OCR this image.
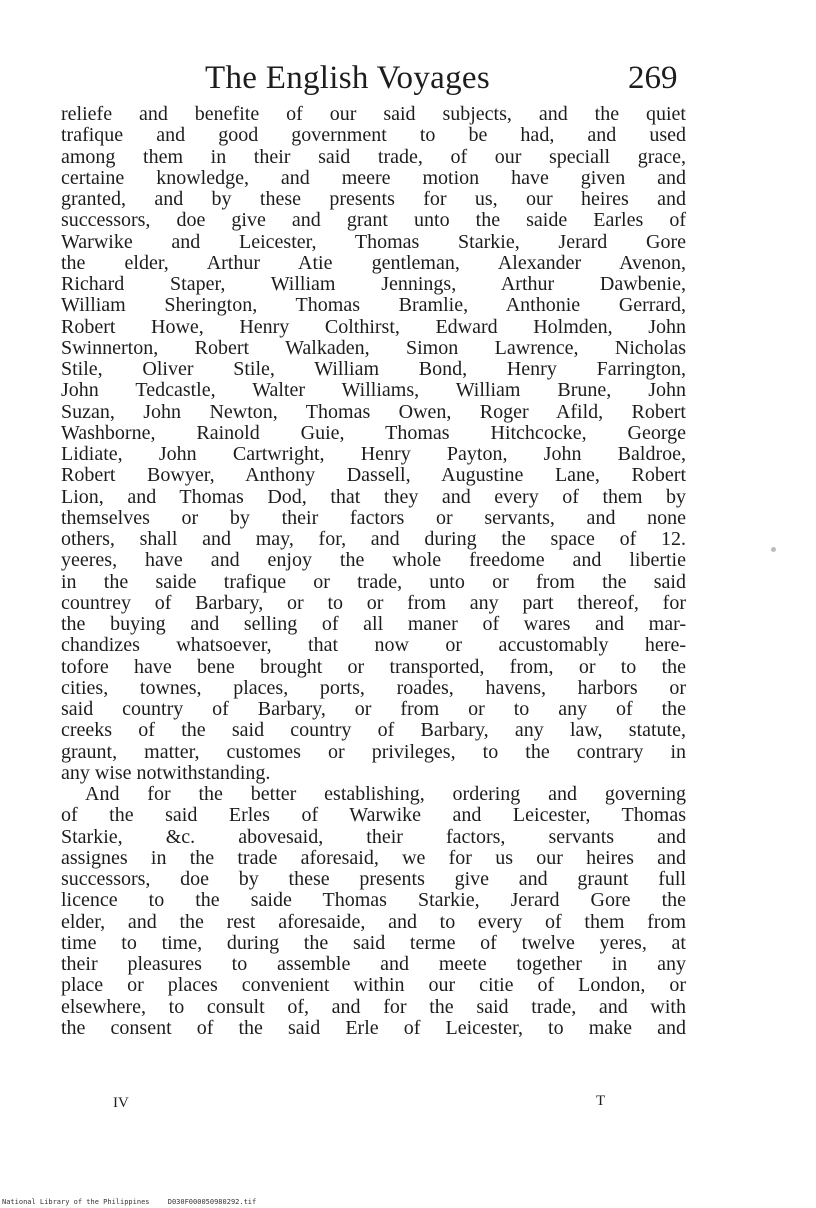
The English Voyages	269
reliefe and benefite of our said subjects, and the quiet
trafique and good government to be had, and used
among them in their said trade, of our speciall grace,
certaine knowledge, and meere motion have given and
granted, and by these presents for us, our heires and
successors, doe give and grant unto the saide Earles of
Warwike and Leicester, Thomas Starkie, Jerard Gore
the elder, Arthur Atie gentleman, Alexander Avenon,
Richard Staper, William Jennings, Arthur Dawbenie,
William Sherington, Thomas Bramlie, Anthonie Gerrard,
Robert Howe, Henry Colthirst, Edward Holmden, John
Swinnerton, Robert Walkaden, Simon Lawrence, Nicholas
Stile, Oliver Stile, William Bond, Henry Farrington,
John Tedcastle, Walter Williams, William Brune, John
Suzan, John Newton, Thomas Owen, Roger Afild, Robert
Washborne, Rainold Guie, Thomas Hitchcocke, George
Lidiate, John Cartwright, Henry Payton, John Baldroe,
Robert Bowyer, Anthony Dassell, Augustine Lane, Robert
Lion, and Thomas Dod, that they and every of them by
themselves or by their factors or servants, and none
others, shall and may, for, and during the space of 12.
yeeres, have and enjoy the whole freedome and libertie
in the saide trafique or trade, unto or from the said
countrey of Barbary, or to or from any part thereof, for
the buying and selling of all maner of wares and mar-
chandizes whatsoever, that now or accustomably here-
tofore have bene brought or transported, from, or to the
cities, townes, places, ports, roades, havens, harbors or
said country of Barbary, or from or to any of the
creeks of the said country of Barbary, any law, statute,
graunt, matter, customes or privileges, to the contrary in
any wise notwithstanding.
And for the better establishing, ordering and governing
of the said Erles of Warwike and Leicester, Thomas
Starkie, &c. abovesaid, their factors, servants and
assignes in the trade aforesaid, we for us our heires and
successors, doe by these presents give and graunt full
licence to the saide Thomas Starkie, Jerard Gore the
elder, and the rest aforesaide, and to every of them from
time to time, during the said terme of twelve yeres, at
their pleasures to assemble and meete together in any
place or places convenient within our citie of London, or
elsewhere, to consult of, and for the said trade, and with
the consent of the said Erle of Leicester, to make and
IV	T
National Library of the Philippines	D030F000050980292.tif
